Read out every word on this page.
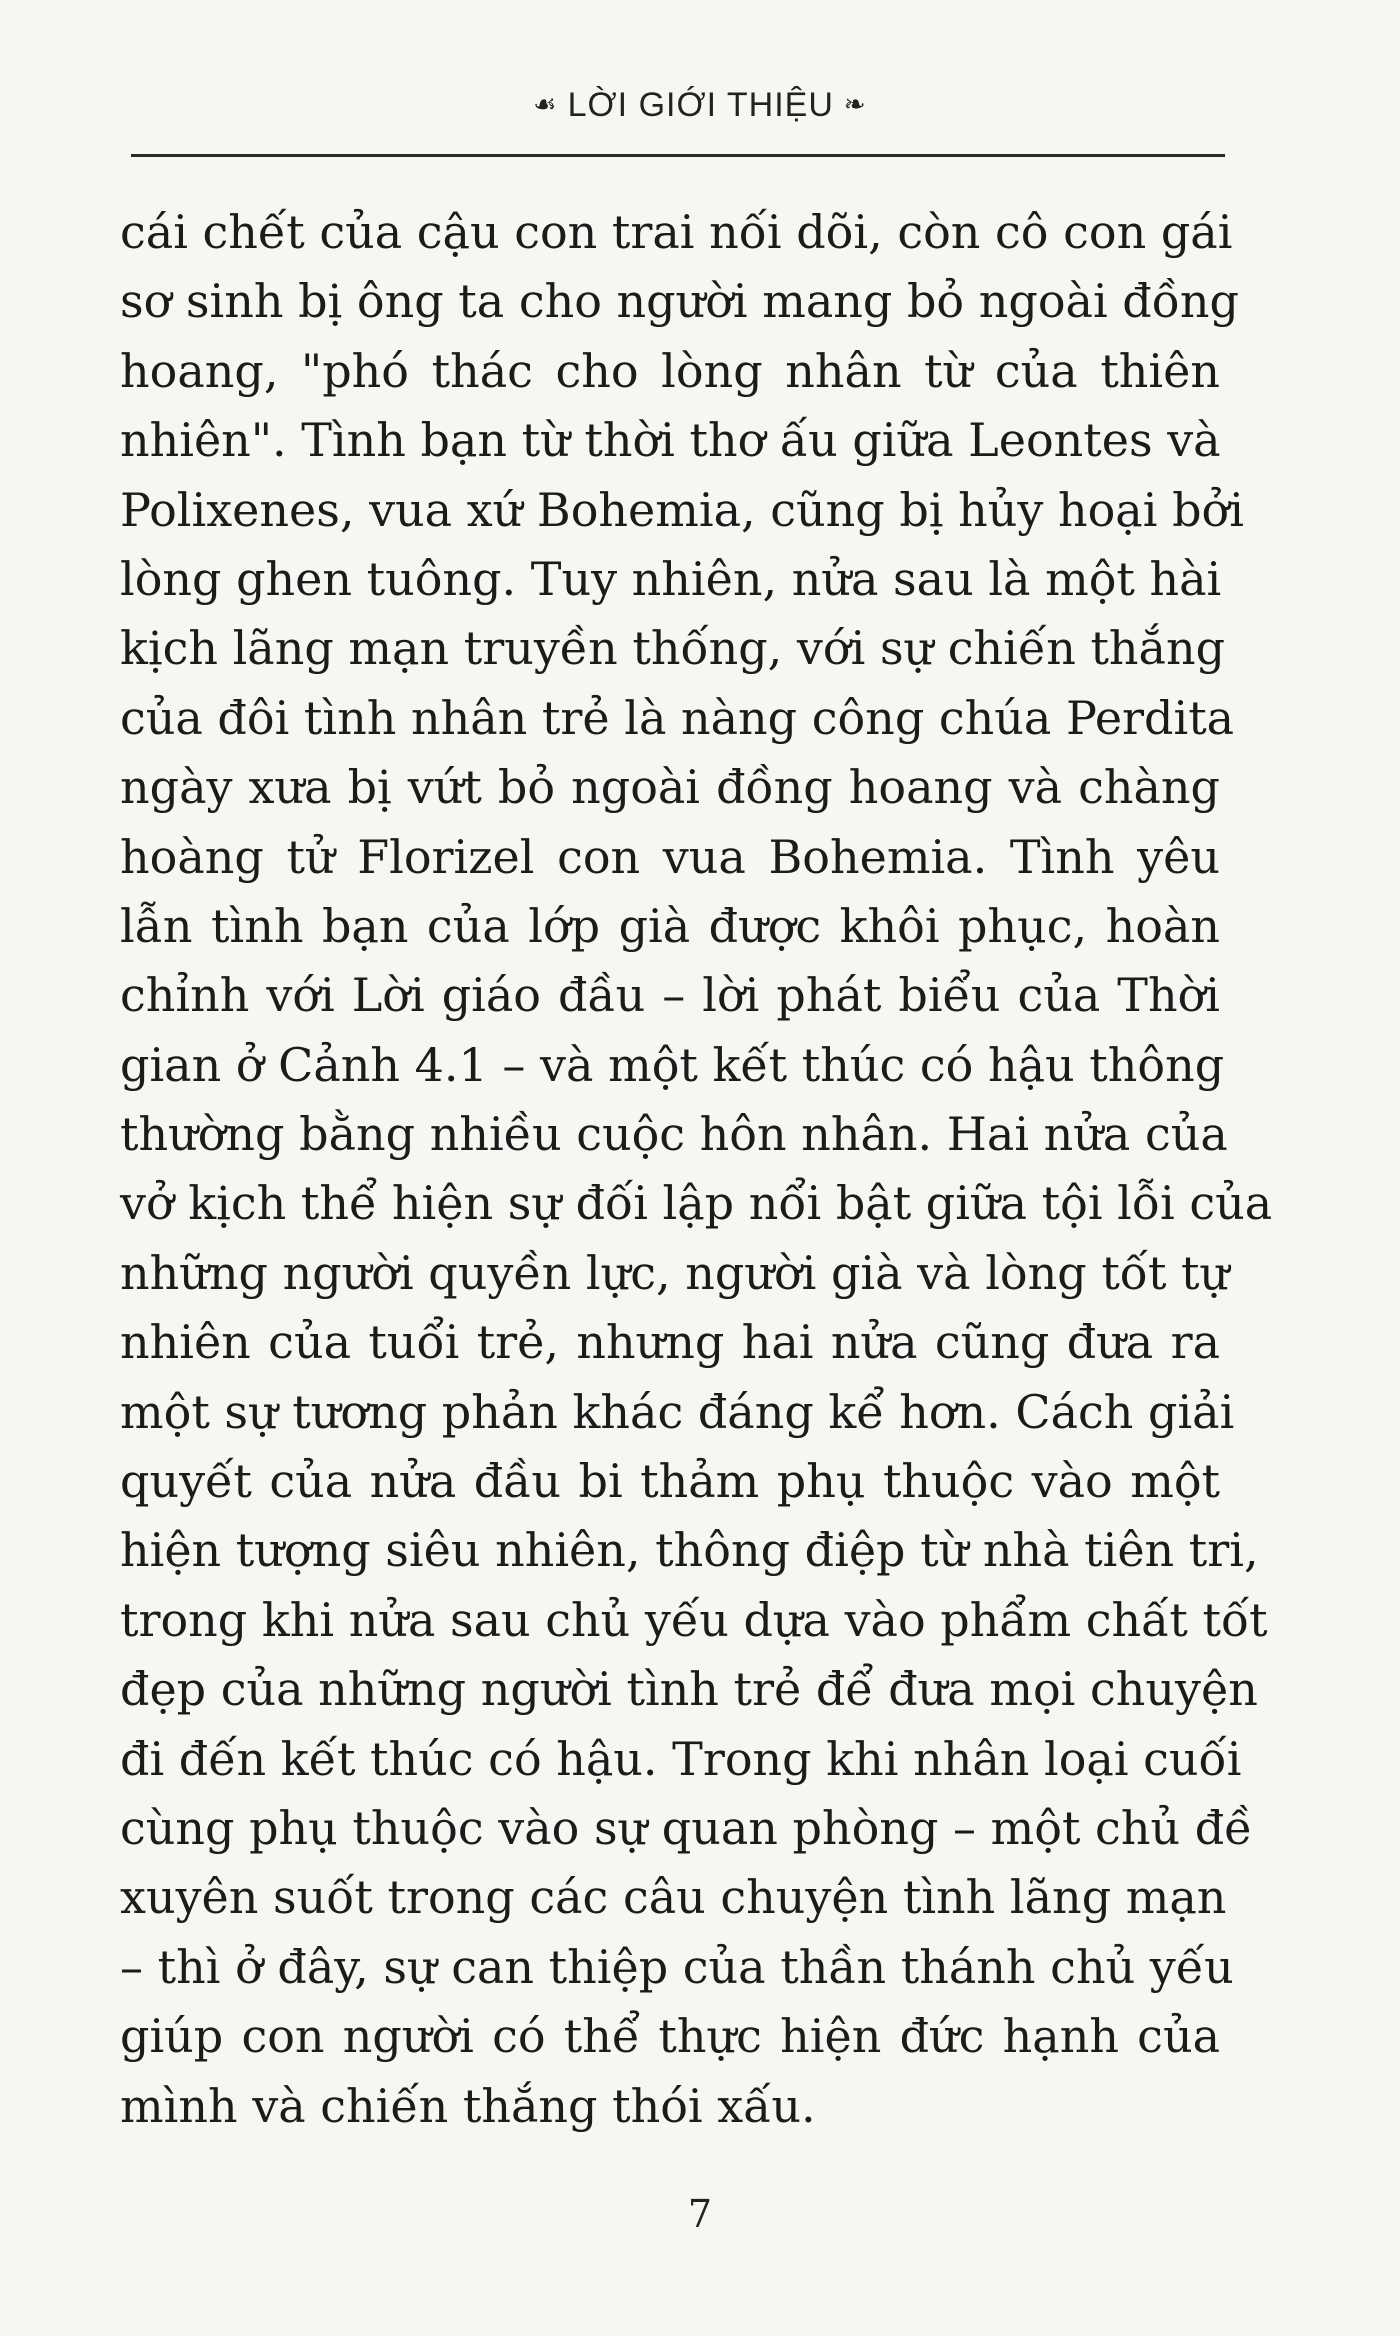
☙ LỜI GIỚI THIỆU ❧
cái chết của cậu con trai nối dõi, còn cô con gái
sơ sinh bị ông ta cho người mang bỏ ngoài đồng
hoang, "phó thác cho lòng nhân từ của thiên
nhiên". Tình bạn từ thời thơ ấu giữa Leontes và
Polixenes, vua xứ Bohemia, cũng bị hủy hoại bởi
lòng ghen tuông. Tuy nhiên, nửa sau là một hài
kịch lãng mạn truyền thống, với sự chiến thắng
của đôi tình nhân trẻ là nàng công chúa Perdita
ngày xưa bị vứt bỏ ngoài đồng hoang và chàng
hoàng tử Florizel con vua Bohemia. Tình yêu
lẫn tình bạn của lớp già được khôi phục, hoàn
chỉnh với Lời giáo đầu – lời phát biểu của Thời
gian ở Cảnh 4.1 – và một kết thúc có hậu thông
thường bằng nhiều cuộc hôn nhân. Hai nửa của
vở kịch thể hiện sự đối lập nổi bật giữa tội lỗi của
những người quyền lực, người già và lòng tốt tự
nhiên của tuổi trẻ, nhưng hai nửa cũng đưa ra
một sự tương phản khác đáng kể hơn. Cách giải
quyết của nửa đầu bi thảm phụ thuộc vào một
hiện tượng siêu nhiên, thông điệp từ nhà tiên tri,
trong khi nửa sau chủ yếu dựa vào phẩm chất tốt
đẹp của những người tình trẻ để đưa mọi chuyện
đi đến kết thúc có hậu. Trong khi nhân loại cuối
cùng phụ thuộc vào sự quan phòng – một chủ đề
xuyên suốt trong các câu chuyện tình lãng mạn
– thì ở đây, sự can thiệp của thần thánh chủ yếu
giúp con người có thể thực hiện đức hạnh của
mình và chiến thắng thói xấu.
7
